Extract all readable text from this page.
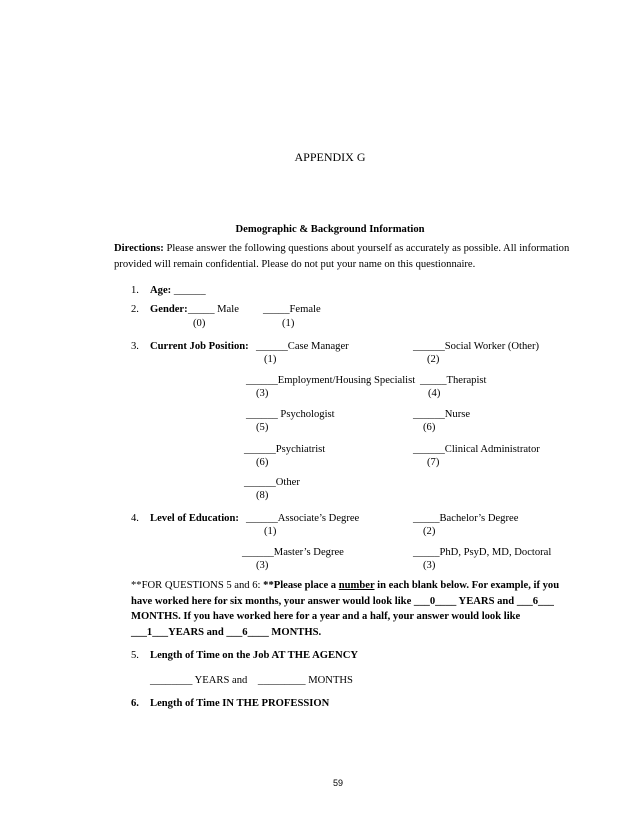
APPENDIX G
Demographic & Background Information
Directions: Please answer the following questions about yourself as accurately as possible. All information
provided will remain confidential. Please do not put your name on this questionnaire.
1. Age: ______
2. Gender: _____ Male _____Female
(0)	(1)
3. Current Job Position: ______Case Manager
(1)
______Social Worker (Other)
(2)
______Employment/Housing Specialist
(3)
_____Therapist
(4)
______ Psychologist
(5)
______Nurse
(6)
______Psychiatrist
(6)
______Clinical Administrator
(7)
______Other
(8)
4. Level of Education: ______Associate’s Degree
(1)
_____Bachelor’s Degree
(2)
______Master’s Degree
(3)
_____PhD, PsyD, MD, Doctoral
(3)
**FOR QUESTIONS 5 and 6: **Please place a number in each blank below. For example, if you
have worked here for six months, your answer would look like ___0____ YEARS and ___6___
MONTHS. If you have worked here for a year and a half, your answer would look like
___1___YEARS and ___6____ MONTHS.
5. Length of Time on the Job AT THE AGENCY
________ YEARS and    _________ MONTHS
6. Length of Time IN THE PROFESSION
59
